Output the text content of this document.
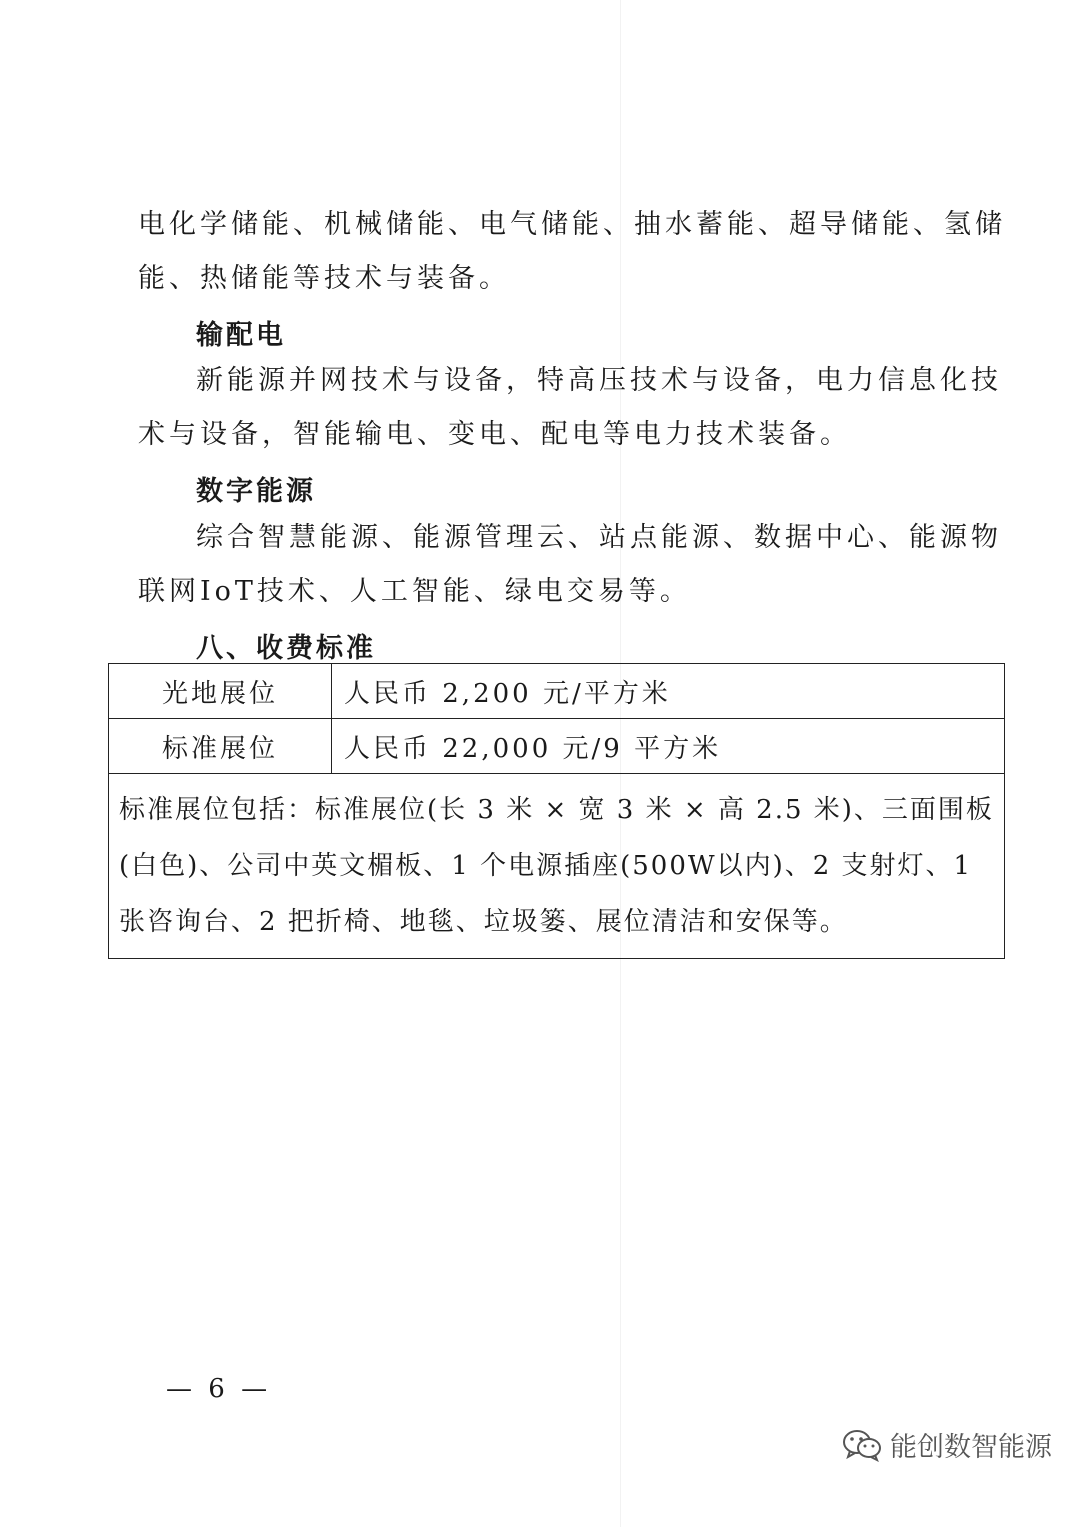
电化学储能、机械储能、电气储能、抽水蓄能、超导储能、氢储
能、热储能等技术与装备。

输配电

新能源并网技术与设备，特高压技术与设备，电力信息化技
术与设备，智能输电、变电、配电等电力技术装备。

数字能源

综合智慧能源、能源管理云、站点能源、数据中心、能源物
联网IoT技术、人工智能、绿电交易等。

八、收费标准
光地展位	人民币 2,200 元/平方米
标准展位	人民币 22,000 元/9 平方米

标准展位包括：标准展位(长 3 米 × 宽 3 米 × 高 2.5 米)、三面围板
(白色)、公司中英文楣板、1 个电源插座(500W以内)、2 支射灯、1
张咨询台、2 把折椅、地毯、垃圾篓、展位清洁和安保等。	
— 6 —
能创数智能源
